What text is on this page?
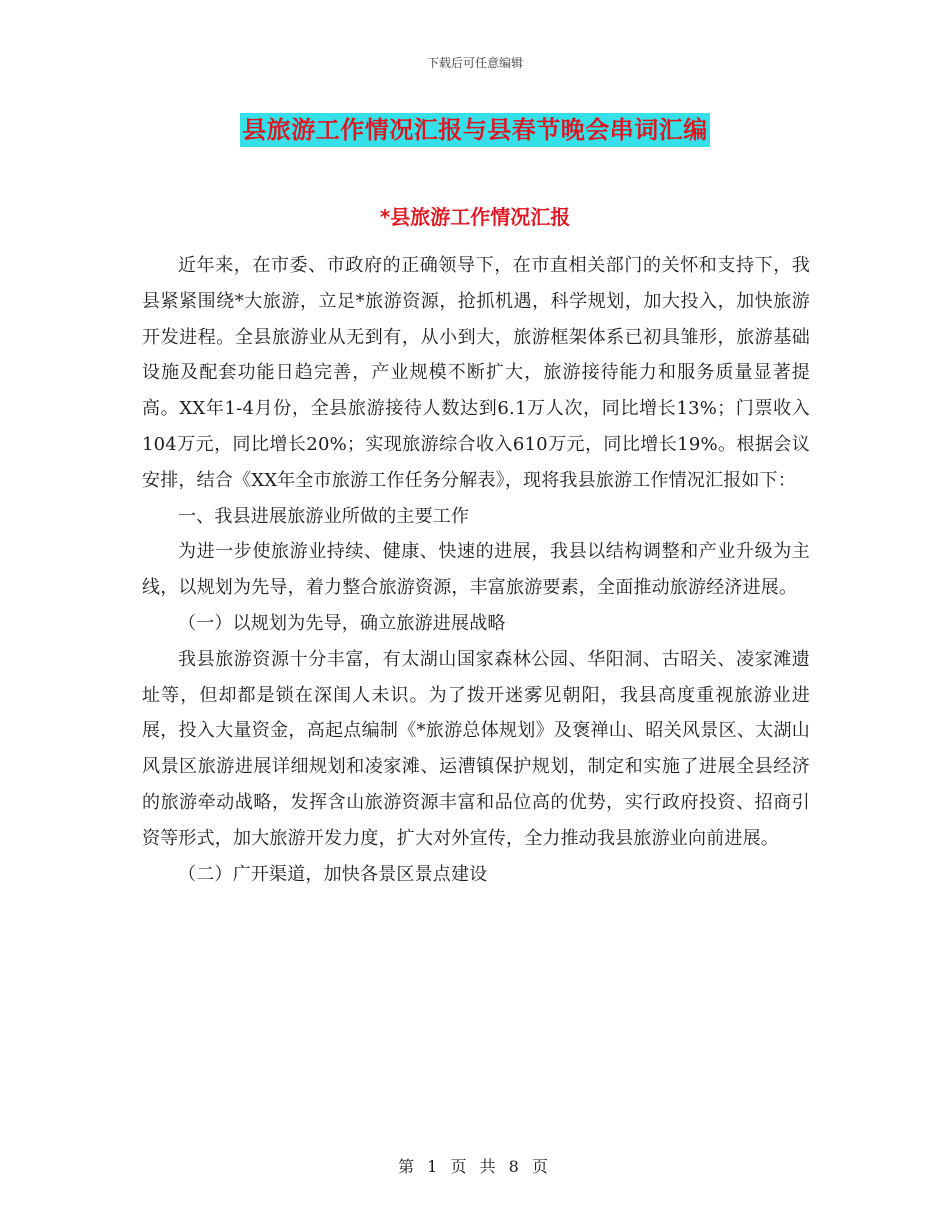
下载后可任意编辑
县旅游工作情况汇报与县春节晚会串词汇编
*县旅游工作情况汇报

近年来，在市委、市政府的正确领导下，在市直相关部门的关怀和支持下，我县紧紧围绕*大旅游，立足*旅游资源，抢抓机遇，科学规划，加大投入，加快旅游开发进程。全县旅游业从无到有，从小到大，旅游框架体系已初具雏形，旅游基础设施及配套功能日趋完善，产业规模不断扩大，旅游接待能力和服务质量显著提高。XX年1-4月份，全县旅游接待人数达到6.1万人次，同比增长13%；门票收入104万元，同比增长20%；实现旅游综合收入610万元，同比增长19%。根据会议安排，结合《XX年全市旅游工作任务分解表》，现将我县旅游工作情况汇报如下：

一、我县进展旅游业所做的主要工作

为进一步使旅游业持续、健康、快速的进展，我县以结构调整和产业升级为主线，以规划为先导，着力整合旅游资源，丰富旅游要素，全面推动旅游经济进展。

（一）以规划为先导，确立旅游进展战略

我县旅游资源十分丰富，有太湖山国家森林公园、华阳洞、古昭关、凌家滩遗址等，但却都是锁在深闺人未识。为了拨开迷雾见朝阳，我县高度重视旅游业进展，投入大量资金，高起点编制《*旅游总体规划》及褒禅山、昭关风景区、太湖山风景区旅游进展详细规划和凌家滩、运漕镇保护规划，制定和实施了进展全县经济的旅游牵动战略，发挥含山旅游资源丰富和品位高的优势，实行政府投资、招商引资等形式，加大旅游开发力度，扩大对外宣传，全力推动我县旅游业向前进展。

（二）广开渠道，加快各景区景点建设

第 1 页 共 8 页
